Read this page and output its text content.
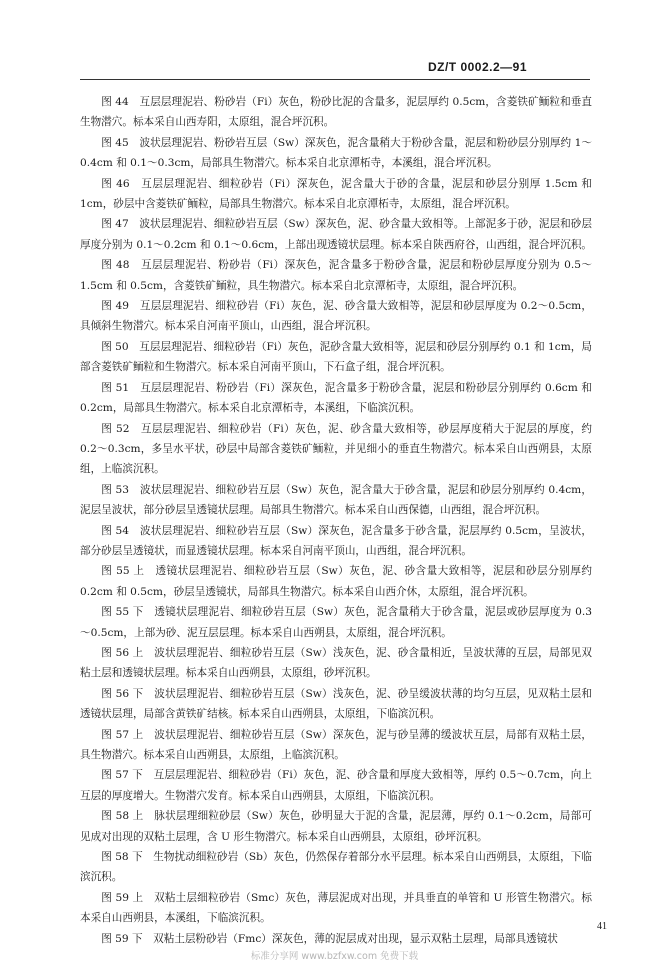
DZ/T 0002.2—91

图 44　互层层理泥岩、粉砂岩（Fi）灰色，粉砂比泥的含量多，泥层厚约 0.5cm，含菱铁矿鲕粒和垂直生物潜穴。标本采自山西寿阳，太原组，混合坪沉积。

图 45　波状层理泥岩、粉砂岩互层（Sw）深灰色，泥含量稍大于粉砂含量，泥层和粉砂层分别厚约 1～0.4cm 和 0.1～0.3cm，局部具生物潜穴。标本采自北京潭柘寺，本溪组，混合坪沉积。

图 46　互层层理泥岩、细粒砂岩（Fi）深灰色，泥含量大于砂的含量，泥层和砂层分别厚 1.5cm 和 1cm，砂层中含菱铁矿鲕粒，局部具生物潜穴。标本采自北京潭柘寺，太原组，混合坪沉积。

图 47　波状层理泥岩、细粒砂岩互层（Sw）深灰色，泥、砂含量大致相等。上部泥多于砂，泥层和砂层厚度分别为 0.1～0.2cm 和 0.1～0.6cm，上部出现透镜状层理。标本采自陕西府谷，山西组，混合坪沉积。

图 48　互层层理泥岩、粉砂岩（Fi）深灰色，泥含量多于粉砂含量，泥层和粉砂层厚度分别为 0.5～1.5cm 和 0.5cm，含菱铁矿鲕粒，具生物潜穴。标本采自北京潭柘寺，太原组，混合坪沉积。

图 49　互层层理泥岩、细粒砂岩（Fi）灰色，泥、砂含量大致相等，泥层和砂层厚度为 0.2～0.5cm，具倾斜生物潜穴。标本采自河南平顶山，山西组，混合坪沉积。

图 50　互层层理泥岩、细粒砂岩（Fi）灰色，泥砂含量大致相等，泥层和砂层分别厚约 0.1 和 1cm，局部含菱铁矿鲕粒和生物潜穴。标本采自河南平顶山，下石盒子组，混合坪沉积。

图 51　互层层理泥岩、粉砂岩（Fi）深灰色，泥含量多于粉砂含量，泥层和粉砂层分别厚约 0.6cm 和 0.2cm，局部具生物潜穴。标本采自北京潭柘寺，本溪组，下临滨沉积。

图 52　互层层理泥岩、细粒砂岩（Fi）灰色，泥、砂含量大致相等，砂层厚度稍大于泥层的厚度，约 0.2～0.3cm，多呈水平状，砂层中局部含菱铁矿鲕粒，并见细小的垂直生物潜穴。标本采自山西朔县，太原组，上临滨沉积。

图 53　波状层理泥岩、细粒砂岩互层（Sw）灰色，泥含量大于砂含量，泥层和砂层分别厚约 0.4cm，泥层呈波状，部分砂层呈透镜状层理。局部具生物潜穴。标本采自山西保德，山西组，混合坪沉积。

图 54　波状层理泥岩、细粒砂岩互层（Sw）深灰色，泥含量多于砂含量，泥层厚约 0.5cm，呈波状，部分砂层呈透镜状，而显透镜状层理。标本采自河南平顶山，山西组，混合坪沉积。

图 55 上　透镜状层理泥岩、细粒砂岩互层（Sw）灰色，泥、砂含量大致相等，泥层和砂层分别厚约 0.2cm 和 0.5cm，砂层呈透镜状，局部具生物潜穴。标本采自山西介休，太原组，混合坪沉积。

图 55 下　透镜状层理泥岩、细粒砂岩互层（Sw）灰色，泥含量稍大于砂含量，泥层或砂层厚度为 0.3～0.5cm，上部为砂、泥互层层理。标本采自山西朔县，太原组，混合坪沉积。

图 56 上　波状层理泥岩、细粒砂岩互层（Sw）浅灰色，泥、砂含量相近，呈波状薄的互层，局部见双粘土层和透镜状层理。标本采自山西朔县，太原组，砂坪沉积。

图 56 下　波状层理泥岩、细粒砂岩互层（Sw）浅灰色，泥、砂呈缓波状薄的均匀互层，见双粘土层和透镜状层理，局部含黄铁矿结核。标本采自山西朔县，太原组，下临滨沉积。

图 57 上　波状层理泥岩、细粒砂岩互层（Sw）深灰色，泥与砂呈薄的缓波状互层，局部有双粘土层，具生物潜穴。标本采自山西朔县，太原组，上临滨沉积。

图 57 下　互层层理泥岩、细粒砂岩（Fi）灰色，泥、砂含量和厚度大致相等，厚约 0.5～0.7cm，向上互层的厚度增大。生物潜穴发育。标本采自山西朔县，太原组，下临滨沉积。

图 58 上　脉状层理细粒砂层（Sw）灰色，砂明显大于泥的含量，泥层薄，厚约 0.1～0.2cm，局部可见成对出现的双粘土层理，含 U 形生物潜穴。标本采自山西朔县，太原组，砂坪沉积。

图 58 下　生物扰动细粒砂岩（Sb）灰色，仍然保存着部分水平层理。标本采自山西朔县，太原组，下临滨沉积。

图 59 上　双粘土层细粒砂岩（Smc）灰色，薄层泥成对出现，并具垂直的单管和 U 形管生物潜穴。标本采自山西朔县，本溪组，下临滨沉积。

图 59 下　双粘土层粉砂岩（Fmc）深灰色，薄的泥层成对出现，显示双粘土层理，局部具透镜状

41
标准分享网 www.bzfxw.com 免费下载
